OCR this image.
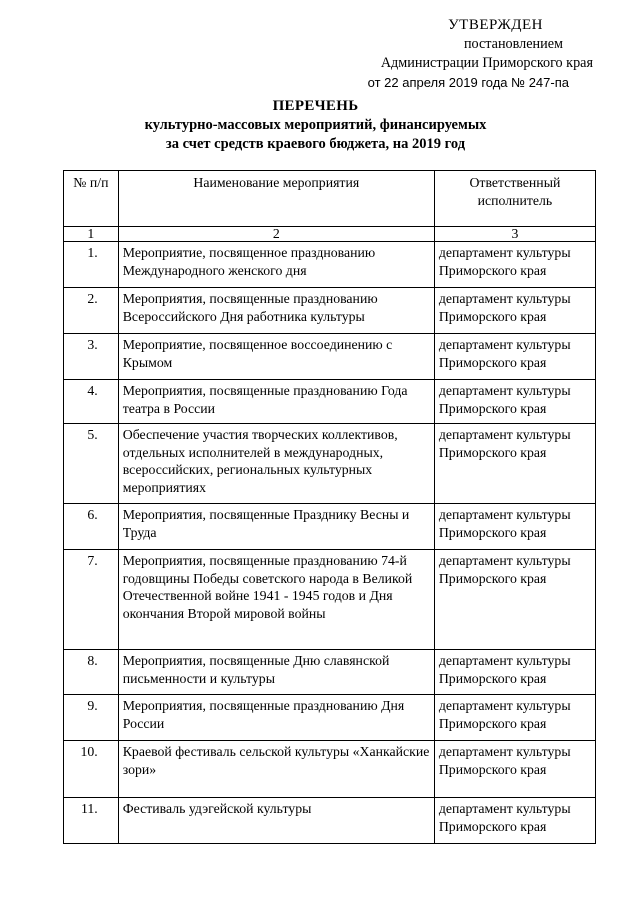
УТВЕРЖДЕН
постановлением
Администрации Приморского края
от 22 апреля 2019 года № 247-па
ПЕРЕЧЕНЬ
культурно-массовых мероприятий, финансируемых
за счет средств краевого бюджета, на 2019 год
№ п/п	Наименование мероприятия	Ответственный исполнитель
1	2	3
1.	Мероприятие, посвященное празднованию Международного женского дня	департамент культуры Приморского края
2.	Мероприятия, посвященные празднованию Всероссийского Дня работника культуры	департамент культуры Приморского края
3.	Мероприятие, посвященное воссоединению с Крымом	департамент культуры Приморского края
4.	Мероприятия, посвященные празднованию Года театра в России	департамент культуры Приморского края
5.	Обеспечение участия творческих коллективов, отдельных исполнителей в международных, всероссийских, региональных культурных мероприятиях	департамент культуры Приморского края
6.	Мероприятия, посвященные Празднику Весны и Труда	департамент культуры Приморского края
7.	Мероприятия, посвященные празднованию 74-й годовщины Победы советского народа в Великой Отечественной войне 1941 - 1945 годов и Дня окончания Второй мировой войны	департамент культуры Приморского края
8.	Мероприятия, посвященные Дню славянской письменности и культуры	департамент культуры Приморского края
9.	Мероприятия, посвященные празднованию Дня России	департамент культуры Приморского края
10.	Краевой фестиваль сельской культуры «Ханкайские зори»	департамент культуры Приморского края
11.	Фестиваль удэгейской культуры	департамент культуры Приморского края
